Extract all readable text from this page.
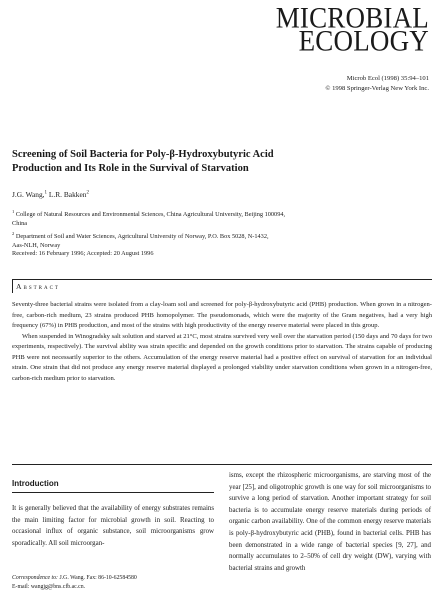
MICROBIAL
ECOLOGY
Microb Ecol (1998) 35:94–101
© 1998 Springer-Verlag New York Inc.
Screening of Soil Bacteria for Poly-β-Hydroxybutyric Acid
Production and Its Role in the Survival of Starvation
J.G. Wang,$^1$ L.R. Bakken$^2$

$^1$ College of Natural Resources and Environmental Sciences, China Agricultural University, Beijing 100094,
China

$^2$ Department of Soil and Water Sciences, Agricultural University of Norway, P.O. Box 5028, N-1432,
Aas-NLH, Norway

Received: 16 February 1996; Accepted: 20 August 1996
Abstract

Seventy-three bacterial strains were isolated from a clay-loam soil and screened for poly-β-hydroxybutyric acid (PHB) production. When grown in a nitrogen-free, carbon-rich medium, 23 strains produced PHB homopolymer. The pseudomonads, which were the majority of the Gram negatives, had a very high frequency (67%) in PHB production, and most of the strains with high productivity of the energy reserve material were placed in this group.

When suspended in Winogradsky salt solution and starved at 21°C, most strains survived very well over the starvation period (150 days and 70 days for two experiments, respectively). The survival ability was strain specific and depended on the growth conditions prior to starvation. The strains capable of producing PHB were not necessarily superior to the others. Accumulation of the energy reserve material had a positive effect on survival of starvation for an individual strain. One strain that did not produce any energy reserve material displayed a prolonged viability under starvation conditions when grown in a nitrogen-free, carbon-rich medium prior to starvation.

Introduction
It is generally believed that the availability of energy substrates remains the main limiting factor for microbial growth in soil. Reacting to occasional influx of organic substance, soil microorganisms grow sporadically. All soil microorgan-
isms, except the rhizospheric microorganisms, are starving most of the year [25], and oligotrophic growth is one way for soil microorganisms to survive a long period of starvation. Another important strategy for soil bacteria is to accumulate energy reserve materials during periods of organic carbon availability. One of the common energy reserve materials is poly-β-hydroxybutyric acid (PHB), found in bacterial cells. PHB has been demonstrated in a wide range of bacterial species [9, 27], and normally accumulates to 2–50% of cell dry weight (DW), varying with bacterial strains and growth
Correspondence to: J.G. Wang. Fax: 86-10-62584580
E-mail: wangjg@bns.cfb.ac.cn.
